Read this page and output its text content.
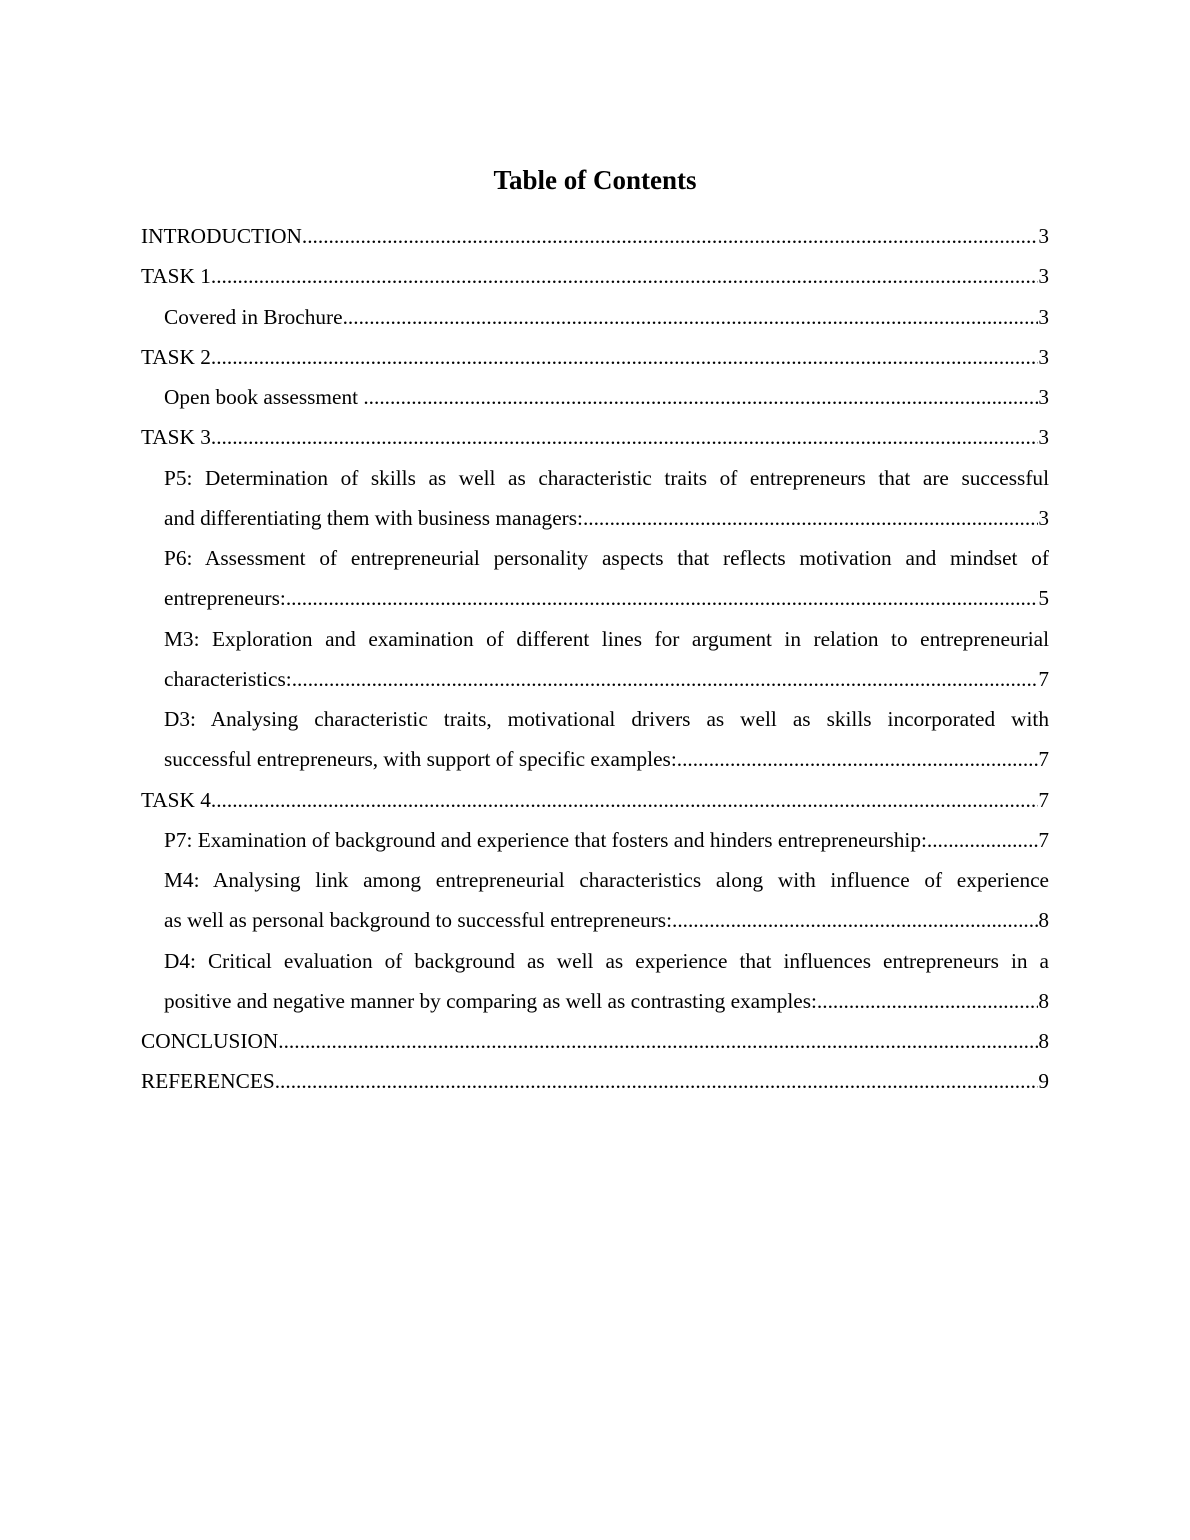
Table of Contents
INTRODUCTION .....	3
TASK 1 .....	3
Covered in Brochure .....	3
TASK 2 .....	3
Open book assessment .....	3
TASK 3 .....	3
P5: Determination of skills as well as characteristic traits of entrepreneurs that are successful
and differentiating them with business managers: .....	3
P6: Assessment of entrepreneurial personality aspects that reflects motivation and mindset of
entrepreneurs: .....	5
M3: Exploration and examination of different lines for argument in relation to entrepreneurial
characteristics: .....	7
D3: Analysing characteristic traits, motivational drivers as well as skills incorporated with
successful entrepreneurs, with support of specific examples: .....	7
TASK 4 .....	7
P7: Examination of background and experience that fosters and hinders entrepreneurship: .....	7
M4: Analysing link among entrepreneurial characteristics along with influence of experience
as well as personal background to successful entrepreneurs: .....	8
D4: Critical evaluation of background as well as experience that influences entrepreneurs in a
positive and negative manner by comparing as well as contrasting examples: .....	8
CONCLUSION .....	8
REFERENCES .....	9
